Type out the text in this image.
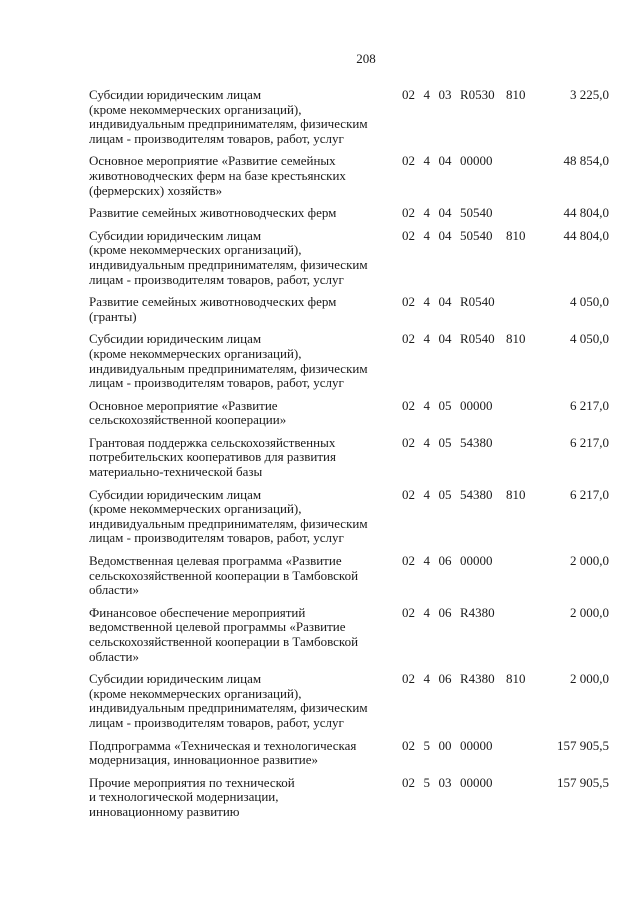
208
Субсидии юридическим лицам
(кроме некоммерческих организаций),
индивидуальным предпринимателям, физическим
лицам - производителям товаров, работ, услуг
02  4  03  R0530 810	3 225,0
Основное мероприятие «Развитие семейных
животноводческих ферм на базе крестьянских
(фермерских) хозяйств»
02  4  04  00000	48 854,0
Развитие семейных животноводческих ферм	02  4  04  50540	44 804,0
Субсидии юридическим лицам
(кроме некоммерческих организаций),
индивидуальным предпринимателям, физическим
лицам - производителям товаров, работ, услуг
02  4  04  50540 810	44 804,0
Развитие семейных животноводческих ферм
(гранты)
02  4  04  R0540	4 050,0
Субсидии юридическим лицам
(кроме некоммерческих организаций),
индивидуальным предпринимателям, физическим
лицам - производителям товаров, работ, услуг
02  4  04  R0540 810	4 050,0
Основное мероприятие «Развитие
сельскохозяйственной кооперации»
02  4  05  00000	6 217,0
Грантовая поддержка сельскохозяйственных
потребительских кооперативов для развития
материально-технической базы
02  4  05  54380	6 217,0
Субсидии юридическим лицам
(кроме некоммерческих организаций),
индивидуальным предпринимателям, физическим
лицам - производителям товаров, работ, услуг
02  4  05  54380 810	6 217,0
Ведомственная целевая программа «Развитие
сельскохозяйственной кооперации в Тамбовской
области»
02  4  06  00000	2 000,0
Финансовое обеспечение мероприятий
ведомственной целевой программы «Развитие
сельскохозяйственной кооперации в Тамбовской
области»
02  4  06  R4380	2 000,0
Субсидии юридическим лицам
(кроме некоммерческих организаций),
индивидуальным предпринимателям, физическим
лицам - производителям товаров, работ, услуг
02  4  06  R4380 810	2 000,0
Подпрограмма «Техническая и технологическая
модернизация, инновационное развитие»
02  5  00  00000	157 905,5
Прочие мероприятия по технической
и технологической модернизации,
инновационному развитию
02  5  03  00000	157 905,5
